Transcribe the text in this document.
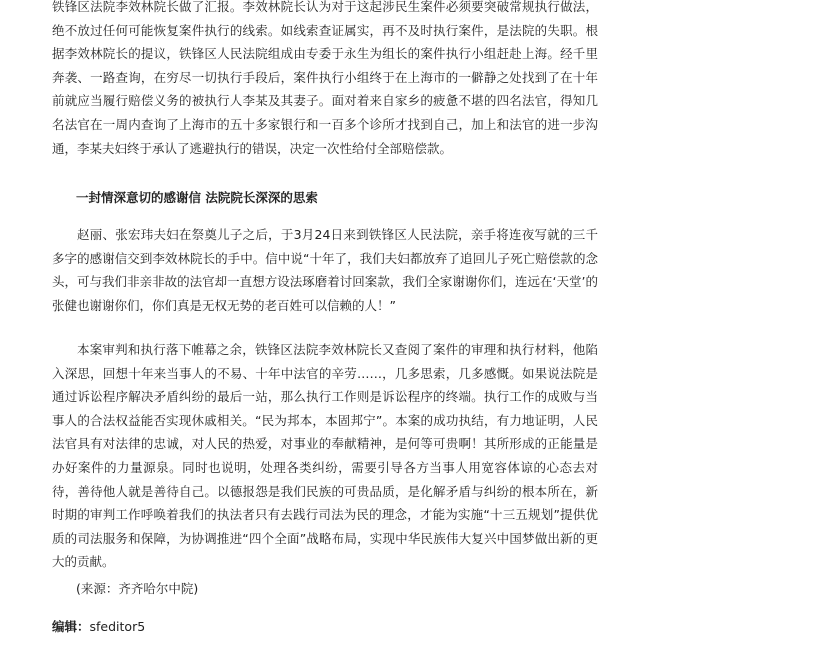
铁锋区法院李效林院长做了汇报。李效林院长认为对于这起涉民生案件必须要突破常规执行做法，绝不放过任何可能恢复案件执行的线索。如线索查证属实，再不及时执行案件，是法院的失职。根据李效林院长的提议，铁锋区人民法院组成由专委于永生为组长的案件执行小组赶赴上海。经千里奔袭、一路查询，在穷尽一切执行手段后，案件执行小组终于在上海市的一僻静之处找到了在十年前就应当履行赔偿义务的被执行人李某及其妻子。面对着来自家乡的疲惫不堪的四名法官，得知几名法官在一周内查询了上海市的五十多家银行和一百多个诊所才找到自己，加上和法官的进一步沟通，李某夫妇终于承认了逃避执行的错误，决定一次性给付全部赔偿款。

一封情深意切的感谢信 法院院长深深的思索

赵丽、张宏玮夫妇在祭奠儿子之后，于3月24日来到铁锋区人民法院，亲手将连夜写就的三千多字的感谢信交到李效林院长的手中。信中说“十年了，我们夫妇都放弃了追回儿子死亡赔偿款的念头，可与我们非亲非故的法官却一直想方设法琢磨着讨回案款，我们全家谢谢你们，连远在‘天堂’的张健也谢谢你们，你们真是无权无势的老百姓可以信赖的人！”

本案审判和执行落下帷幕之余，铁锋区法院李效林院长又查阅了案件的审理和执行材料，他陷入深思，回想十年来当事人的不易、十年中法官的辛劳……，几多思索，几多感慨。如果说法院是通过诉讼程序解决矛盾纠纷的最后一站，那么执行工作则是诉讼程序的终端。执行工作的成败与当事人的合法权益能否实现休戚相关。“民为邦本，本固邦宁”。本案的成功执结，有力地证明，人民法官具有对法律的忠诚，对人民的热爱，对事业的奉献精神，是何等可贵啊！其所形成的正能量是办好案件的力量源泉。同时也说明，处理各类纠纷，需要引导各方当事人用宽容体谅的心态去对待，善待他人就是善待自己。以德报怨是我们民族的可贵品质，是化解矛盾与纠纷的根本所在，新时期的审判工作呼唤着我们的执法者只有去践行司法为民的理念，才能为实施“十三五规划”提供优质的司法服务和保障，为协调推进“四个全面”战略布局，实现中华民族伟大复兴中国梦做出新的更大的贡献。

(来源：齐齐哈尔中院)

编辑：sfeditor5
